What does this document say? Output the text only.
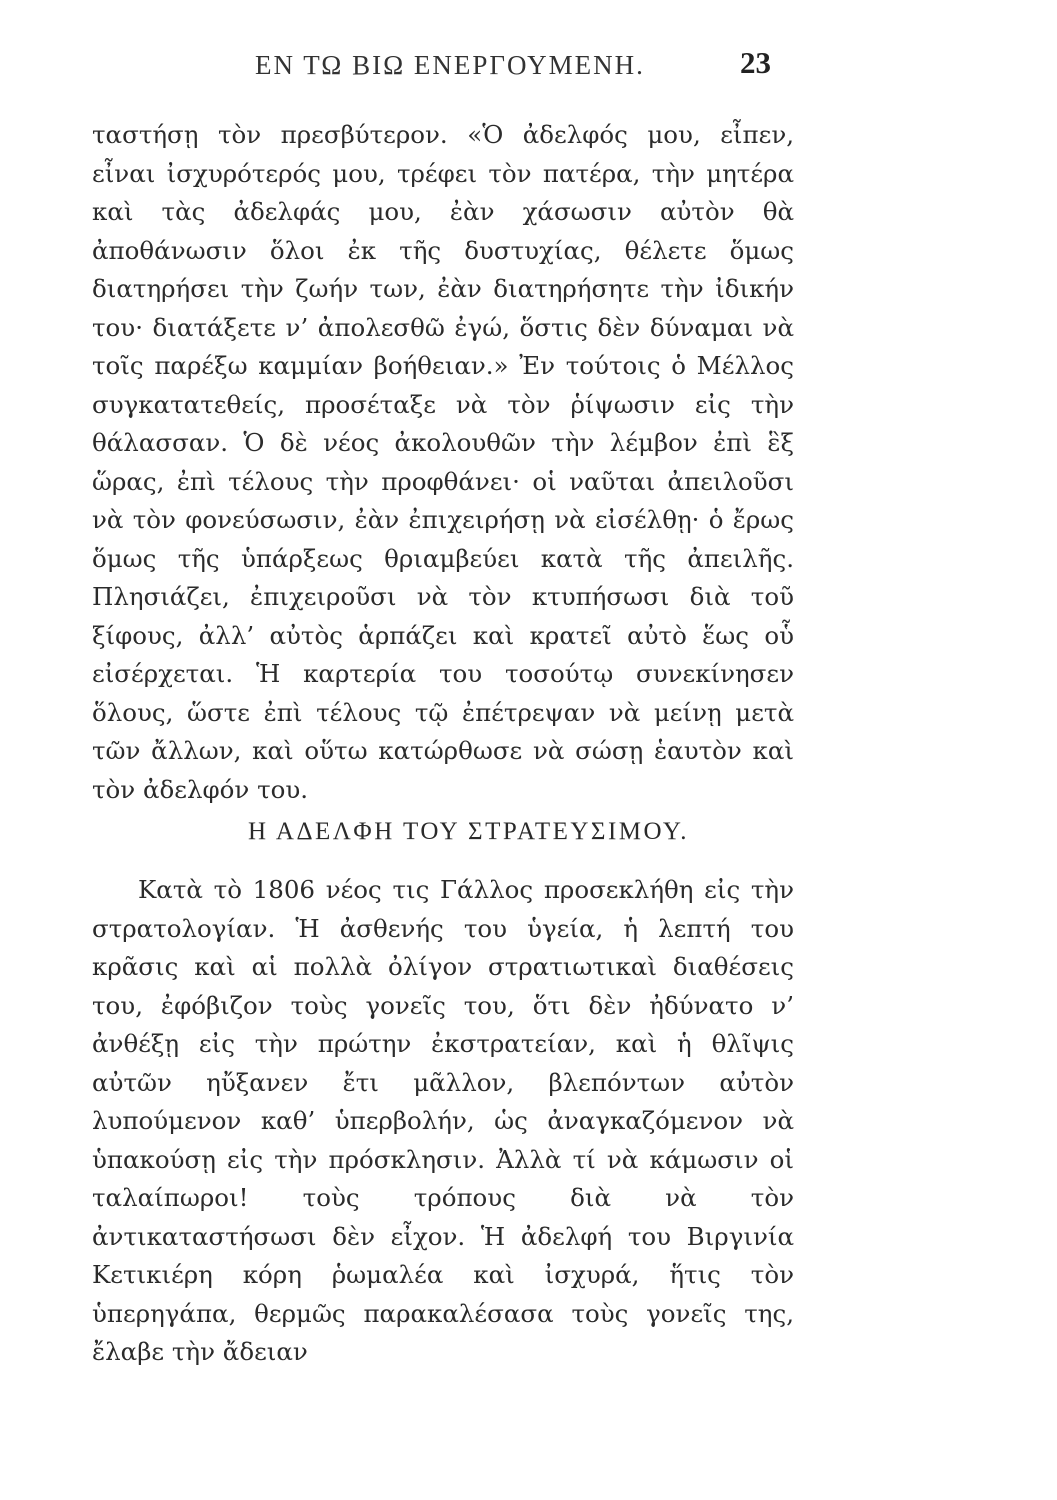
ΕΝ ΤΩ ΒΙΩ ΕΝΕΡΓΟΥΜΕΝΗ.	23

ταστήσῃ τὸν πρεσβύτερον. «Ὁ ἀδελφός μου, εἶπεν, εἶναι ἰσχυρότερός μου, τρέφει τὸν πατέρα, τὴν μητέρα καὶ τὰς ἀδελφάς μου, ἐὰν χάσωσιν αὐτὸν θὰ ἀποθάνωσιν ὅλοι ἐκ τῆς δυστυχίας, θέλετε ὅμως διατηρήσει τὴν ζωήν των, ἐὰν διατηρήσητε τὴν ἰδικήν του· διατάξετε ν’ ἀπολεσθῶ ἐγώ, ὅστις δὲν δύναμαι νὰ τοῖς παρέξω καμμίαν βοήθειαν.» Ἐν τούτοις ὁ Μέλλος συγκατατεθείς, προσέταξε νὰ τὸν ῥίψωσιν εἰς τὴν θάλασσαν. Ὁ δὲ νέος ἀκολουθῶν τὴν λέμβον ἐπὶ ἓξ ὥρας, ἐπὶ τέλους τὴν προφθάνει· οἱ ναῦται ἀπειλοῦσι νὰ τὸν φονεύσωσιν, ἐὰν ἐπιχειρήσῃ νὰ εἰσέλθῃ· ὁ ἔρως ὅμως τῆς ὑπάρξεως θριαμβεύει κατὰ τῆς ἀπειλῆς. Πλησιάζει, ἐπιχειροῦσι νὰ τὸν κτυπήσωσι διὰ τοῦ ξίφους, ἀλλ’ αὐτὸς ἁρπάζει καὶ κρατεῖ αὐτὸ ἕως οὗ εἰσέρχεται. Ἡ καρτερία του τοσούτῳ συνεκίνησεν ὅλους, ὥστε ἐπὶ τέλους τῷ ἐπέτρεψαν νὰ μείνῃ μετὰ τῶν ἄλλων, καὶ οὕτω κατώρθωσε νὰ σώσῃ ἑαυτὸν καὶ τὸν ἀδελφόν του.

Η ΑΔΕΛΦΗ ΤΟΥ ΣΤΡΑΤΕΥΣΙΜΟΥ.

Κατὰ τὸ 1806 νέος τις Γάλλος προσεκλήθη εἰς τὴν στρατολογίαν. Ἡ ἀσθενής του ὑγεία, ἡ λεπτή του κρᾶσις καὶ αἱ πολλὰ ὀλίγον στρατιωτικαὶ διαθέσεις του, ἐφόβιζον τοὺς γονεῖς του, ὅτι δὲν ἠδύνατο ν’ ἀνθέξῃ εἰς τὴν πρώτην ἐκστρατείαν, καὶ ἡ θλῖψις αὐτῶν ηὔξανεν ἔτι μᾶλλον, βλεπόντων αὐτὸν λυπούμενον καθ’ ὑπερβολήν, ὡς ἀναγκαζόμενον νὰ ὑπακούσῃ εἰς τὴν πρόσκλησιν. Ἀλλὰ τί νὰ κάμωσιν οἱ ταλαίπωροι! τοὺς τρόπους διὰ νὰ τὸν ἀντικαταστήσωσι δὲν εἶχον. Ἡ ἀδελφή του Βιργινία Κετικιέρη κόρη ῥωμαλέα καὶ ἰσχυρά, ἥτις τὸν ὑπερηγάπα, θερμῶς παρακαλέσασα τοὺς γονεῖς της, ἔλαβε τὴν ἄδειαν
